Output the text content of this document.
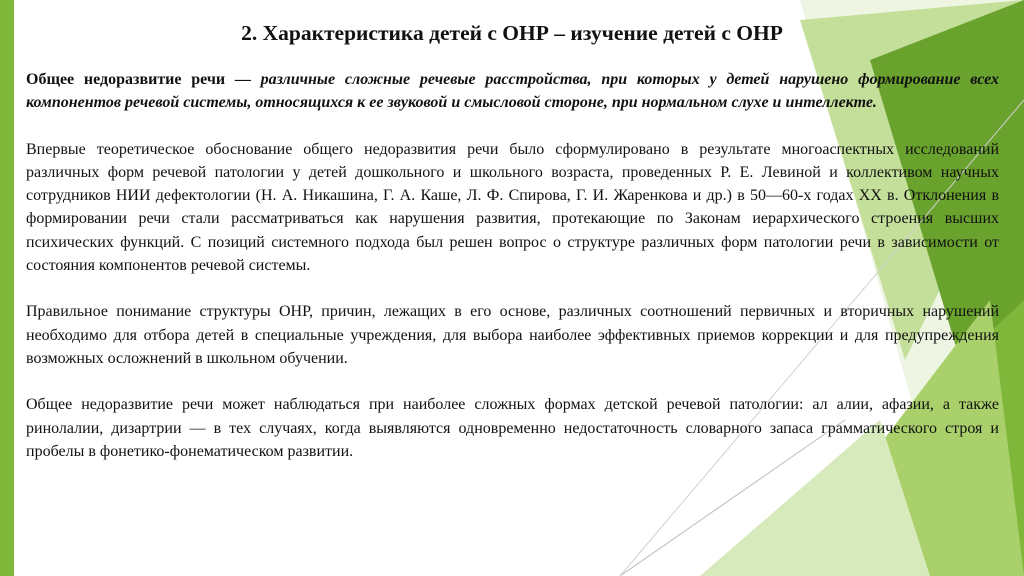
2. Характеристика детей с ОНР – изучение детей с ОНР

Общее недоразвитие речи — различные сложные речевые расстройства, при которых у детей нарушено формирование всех компонентов речевой системы, относящихся к ее звуковой и смысловой стороне, при нормальном слухе и интеллекте.

Впервые теоретическое обоснование общего недоразвития речи было сформулировано в результате многоаспектных исследований различных форм речевой патологии у детей дошкольного и школьного возраста, проведенных Р. Е. Левиной и коллективом научных сотрудников НИИ дефектологии (Н. А. Никашина, Г. А. Каше, Л. Ф. Спирова, Г. И. Жаренкова и др.) в 50—60-х годах XX в. Отклонения в формировании речи стали рассматриваться как нарушения развития, протекающие по Законам иерархического строения высших психических функций. С позиций системного подхода был решен вопрос о структуре различных форм патологии речи в зависимости от состояния компонентов речевой системы.

Правильное понимание структуры ОНР, причин, лежащих в его основе, различных соотношений первичных и вторичных нарушений необходимо для отбора детей в специальные учреждения, для выбора наиболее эффективных приемов коррекции и для предупреждения возможных осложнений в школьном обучении.

Общее недоразвитие речи может наблюдаться при наиболее сложных формах детской речевой патологии: ал алии, афазии, а также ринолалии, дизартрии — в тех случаях, когда выявляются одновременно недостаточность словарного запаса грамматического строя и пробелы в фонетико-фонематическом развитии.
